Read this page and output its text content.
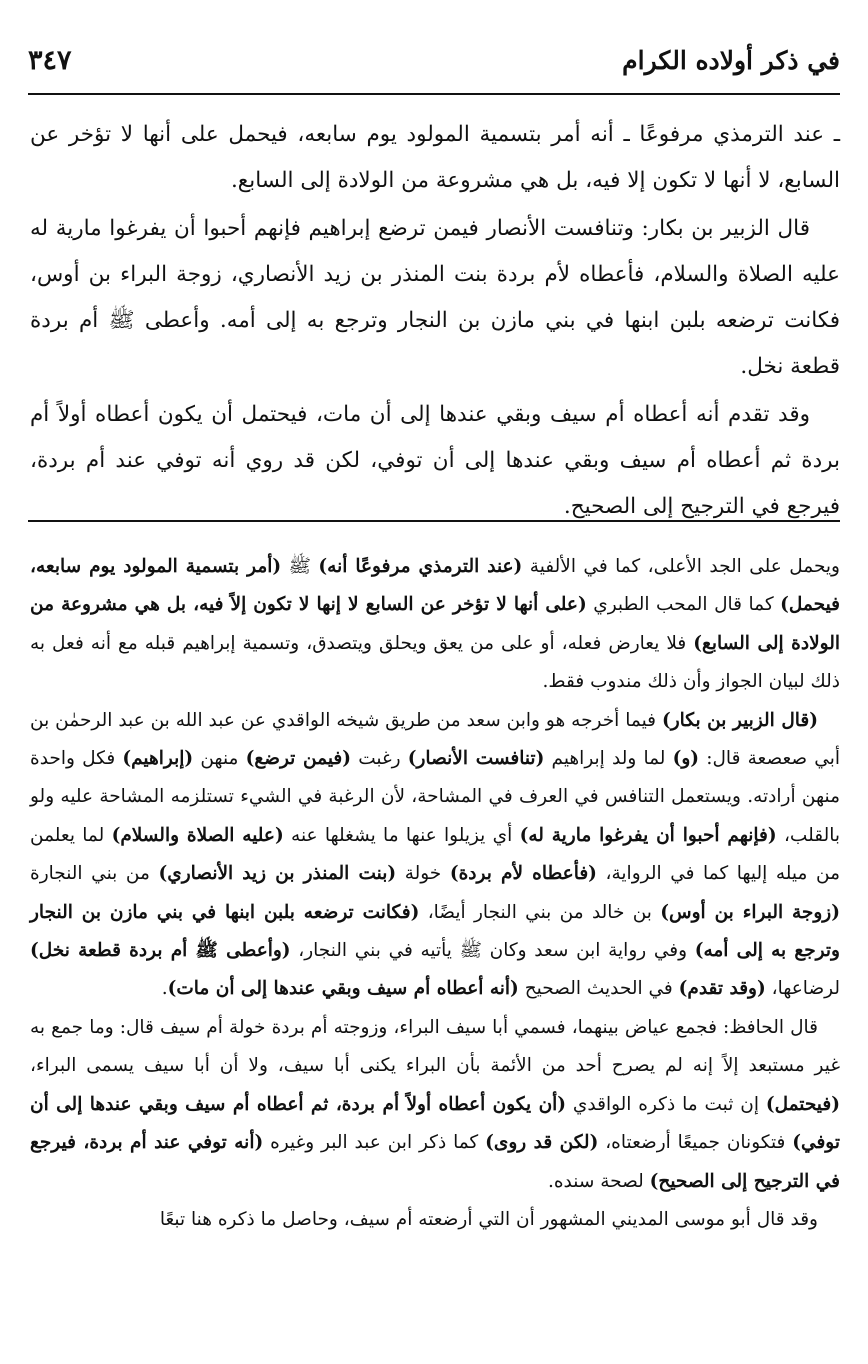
في ذكر أولاده الكرام
٣٤٧

ـ عند الترمذي مرفوعًا ـ أنه أمر بتسمية المولود يوم سابعه، فيحمل على أنها لا تؤخر عن السابع، لا أنها لا تكون إلا فيه، بل هي مشروعة من الولادة إلى السابع.

قال الزبير بن بكار: وتنافست الأنصار فيمن ترضع إبراهيم فإنهم أحبوا أن يفرغوا مارية له عليه الصلاة والسلام، فأعطاه لأم بردة بنت المنذر بن زيد الأنصاري، زوجة البراء بن أوس، فكانت ترضعه بلبن ابنها في بني مازن بن النجار وترجع به إلى أمه. وأعطى ﷺ أم بردة قطعة نخل.

وقد تقدم أنه أعطاه أم سيف وبقي عندها إلى أن مات، فيحتمل أن يكون أعطاه أولاً أم بردة ثم أعطاه أم سيف وبقي عندها إلى أن توفي، لكن قد روي أنه توفي عند أم بردة، فيرجع في الترجيح إلى الصحيح.

ويحمل على الجد الأعلى، كما في الألفية (عند الترمذي مرفوعًا أنه) ﷺ (أمر بتسمية المولود يوم سابعه، فيحمل) كما قال المحب الطبري (على أنها لا تؤخر عن السابع لا إنها لا تكون إلاً فيه، بل هي مشروعة من الولادة إلى السابع) فلا يعارض فعله، أو على من يعق ويحلق ويتصدق، وتسمية إبراهيم قبله مع أنه فعل به ذلك لبيان الجواز وأن ذلك مندوب فقط.

(قال الزبير بن بكار) فيما أخرجه هو وابن سعد من طريق شيخه الواقدي عن عبد الله بن عبد الرحمٰن بن أبي صعصعة قال: (و) لما ولد إبراهيم (تنافست الأنصار) رغبت (فيمن ترضع) منهن (إبراهيم) فكل واحدة منهن أرادته. ويستعمل التنافس في العرف في المشاحة، لأن الرغبة في الشيء تستلزمه المشاحة عليه ولو بالقلب، (فإنهم أحبوا أن يفرغوا مارية له) أي يزيلوا عنها ما يشغلها عنه (عليه الصلاة والسلام) لما يعلمن من ميله إليها كما في الرواية، (فأعطاه لأم بردة) خولة (بنت المنذر بن زيد الأنصاري) من بني النجارة (زوجة البراء بن أوس) بن خالد من بني النجار أيضًا، (فكانت ترضعه بلبن ابنها في بني مازن بن النجار وترجع به إلى أمه) وفي رواية ابن سعد وكان ﷺ يأتيه في بني النجار، (وأعطى ﷺ أم بردة قطعة نخل) لرضاعها، (وقد تقدم) في الحديث الصحيح (أنه أعطاه أم سيف وبقي عندها إلى أن مات).

قال الحافظ: فجمع عياض بينهما، فسمي أبا سيف البراء، وزوجته أم بردة خولة أم سيف قال: وما جمع به غير مستبعد إلاً إنه لم يصرح أحد من الأئمة بأن البراء يكنى أبا سيف، ولا أن أبا سيف يسمى البراء، (فيحتمل) إن ثبت ما ذكره الواقدي (أن يكون أعطاه أولاً أم بردة، ثم أعطاه أم سيف وبقي عندها إلى أن توفي) فتكونان جميعًا أرضعتاه، (لكن قد روى) كما ذكر ابن عبد البر وغيره (أنه توفي عند أم بردة، فيرجع في الترجيح إلى الصحيح) لصحة سنده.

وقد قال أبو موسى المديني المشهور أن التي أرضعته أم سيف، وحاصل ما ذكره هنا تبعًا
